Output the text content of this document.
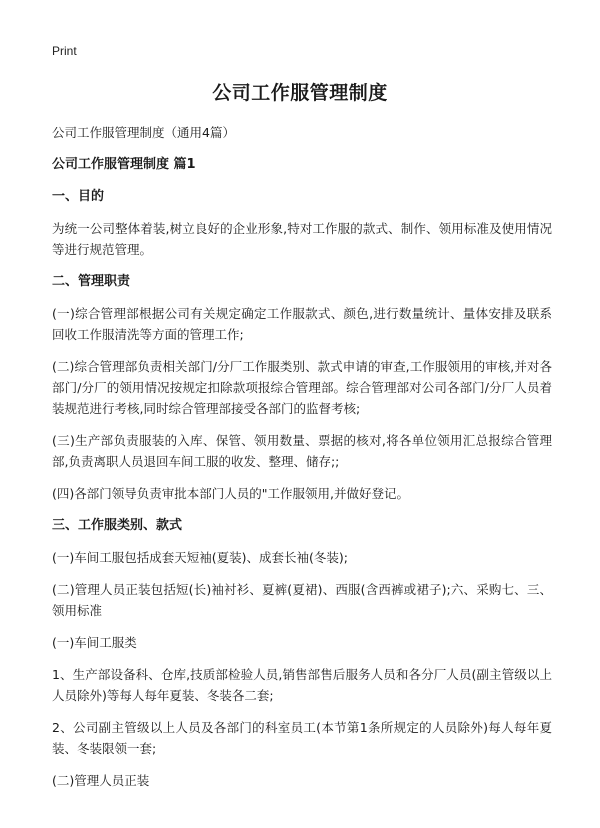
Print
公司工作服管理制度

公司工作服管理制度（通用4篇）

公司工作服管理制度 篇1

一、目的

为统一公司整体着装,树立良好的企业形象,特对工作服的款式、制作、领用标准及使用情况等进行规范管理。

二、管理职责

(一)综合管理部根据公司有关规定确定工作服款式、颜色,进行数量统计、量体安排及联系回收工作服清洗等方面的管理工作;

(二)综合管理部负责相关部门/分厂工作服类别、款式申请的审查,工作服领用的审核,并对各部门/分厂的领用情况按规定扣除款项报综合管理部。综合管理部对公司各部门/分厂人员着装规范进行考核,同时综合管理部接受各部门的监督考核;

(三)生产部负责服装的入库、保管、领用数量、票据的核对,将各单位领用汇总报综合管理部,负责离职人员退回车间工服的收发、整理、储存;;

(四)各部门领导负责审批本部门人员的"工作服领用,并做好登记。

三、工作服类别、款式

(一)车间工服包括成套天短袖(夏装)、成套长袖(冬装);

(二)管理人员正装包括短(长)袖衬衫、夏裤(夏裙)、西服(含西裤或裙子);六、采购七、三、领用标准

(一)车间工服类

1、生产部设备科、仓库,技质部检验人员,销售部售后服务人员和各分厂人员(副主管级以上人员除外)等每人每年夏装、冬装各二套;

2、公司副主管级以上人员及各部门的科室员工(本节第1条所规定的人员除外)每人每年夏装、冬装限领一套;

(二)管理人员正装
